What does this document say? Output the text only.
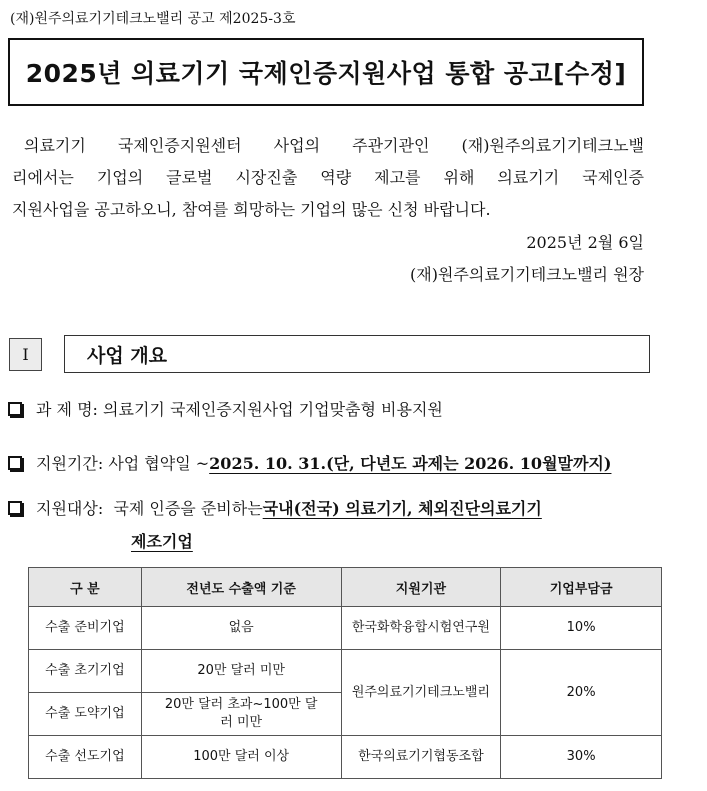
(재)원주의료기기테크노밸리 공고 제2025-3호
2025년 의료기기 국제인증지원사업 통합 공고[수정]
의료기기 국제인증지원센터 사업의 주관기관인 (재)원주의료기기테크노밸
리에서는 기업의 글로벌 시장진출 역량 제고를 위해 의료기기 국제인증
지원사업을 공고하오니, 참여를 희망하는 기업의 많은 신청 바랍니다.
2025년 2월 6일
(재)원주의료기기테크노밸리 원장
I	사업 개요
과 제 명:
의료기기 국제인증지원사업 기업맞춤형 비용지원
지원기간:
사업 협약일 ~ 2025. 10. 31.(단, 다년도 과제는 2026. 10월말까지)
지원대상:
국제 인증을 준비하는 국내(전국) 의료기기, 체외진단의료기기
제조기업
구 분	전년도 수출액 기준	지원기관	기업부담금
수출 준비기업	없음	한국화학융합시험연구원	10%
수출 초기기업	20만 달러 미만	원주의료기기테크노밸리	20%
수출 도약기업	20만 달러 초과~100만 달러 미만		
수출 선도기업	100만 달러 이상	한국의료기기협동조합	30%
